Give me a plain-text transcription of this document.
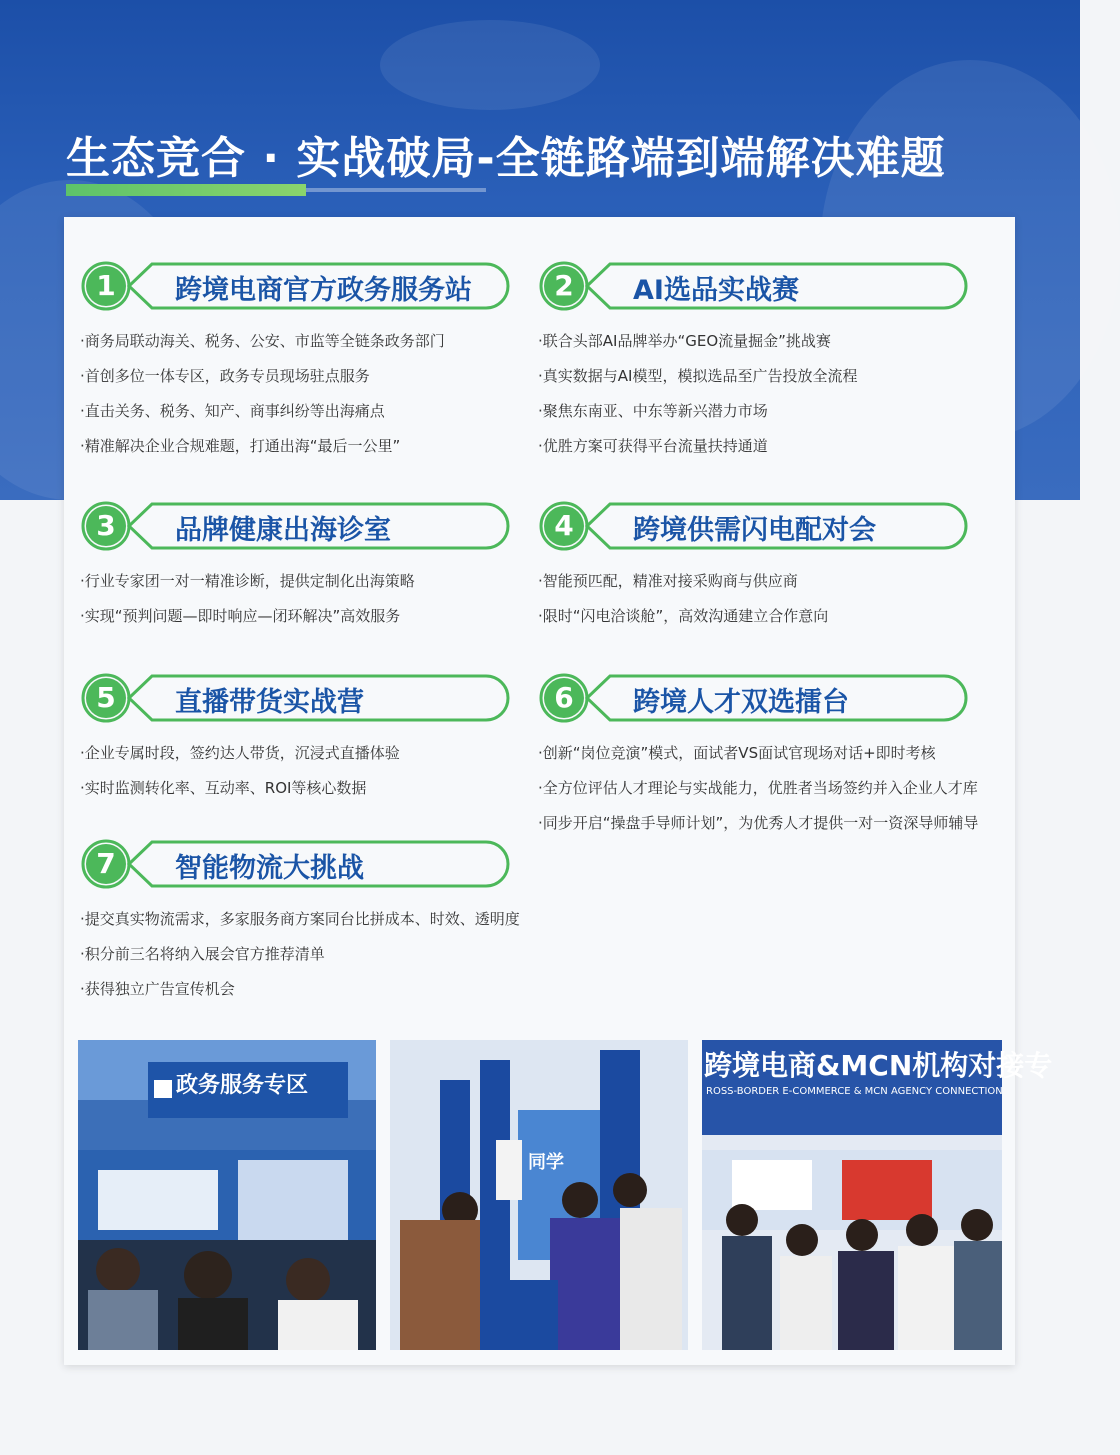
生态竞合 · 实战破局-全链路端到端解决难题
1	跨境电商官方政务服务站
·商务局联动海关、税务、公安、市监等全链条政务部门
·首创多位一体专区，政务专员现场驻点服务
·直击关务、税务、知产、商事纠纷等出海痛点
·精准解决企业合规难题，打通出海“最后一公里”
2	AI选品实战赛
·联合头部AI品牌举办“GEO流量掘金”挑战赛
·真实数据与AI模型，模拟选品至广告投放全流程
·聚焦东南亚、中东等新兴潜力市场
·优胜方案可获得平台流量扶持通道
3	品牌健康出海诊室
·行业专家团一对一精准诊断，提供定制化出海策略
·实现“预判问题—即时响应—闭环解决”高效服务
4	跨境供需闪电配对会
·智能预匹配，精准对接采购商与供应商
·限时“闪电洽谈舱”，高效沟通建立合作意向
5	直播带货实战营
·企业专属时段，签约达人带货，沉浸式直播体验
·实时监测转化率、互动率、ROI等核心数据
6	跨境人才双选擂台
·创新“岗位竞演”模式，面试者VS面试官现场对话+即时考核
·全方位评估人才理论与实战能力，优胜者当场签约并入企业人才库
·同步开启“操盘手导师计划”，为优秀人才提供一对一资深导师辅导
7	智能物流大挑战
·提交真实物流需求，多家服务商方案同台比拼成本、时效、透明度
·积分前三名将纳入展会官方推荐清单
·获得独立广告宣传机会
政务服务专区
同学
跨境电商&MCN机构对接专
ROSS-BORDER E-COMMERCE & MCN AGENCY CONNECTION
